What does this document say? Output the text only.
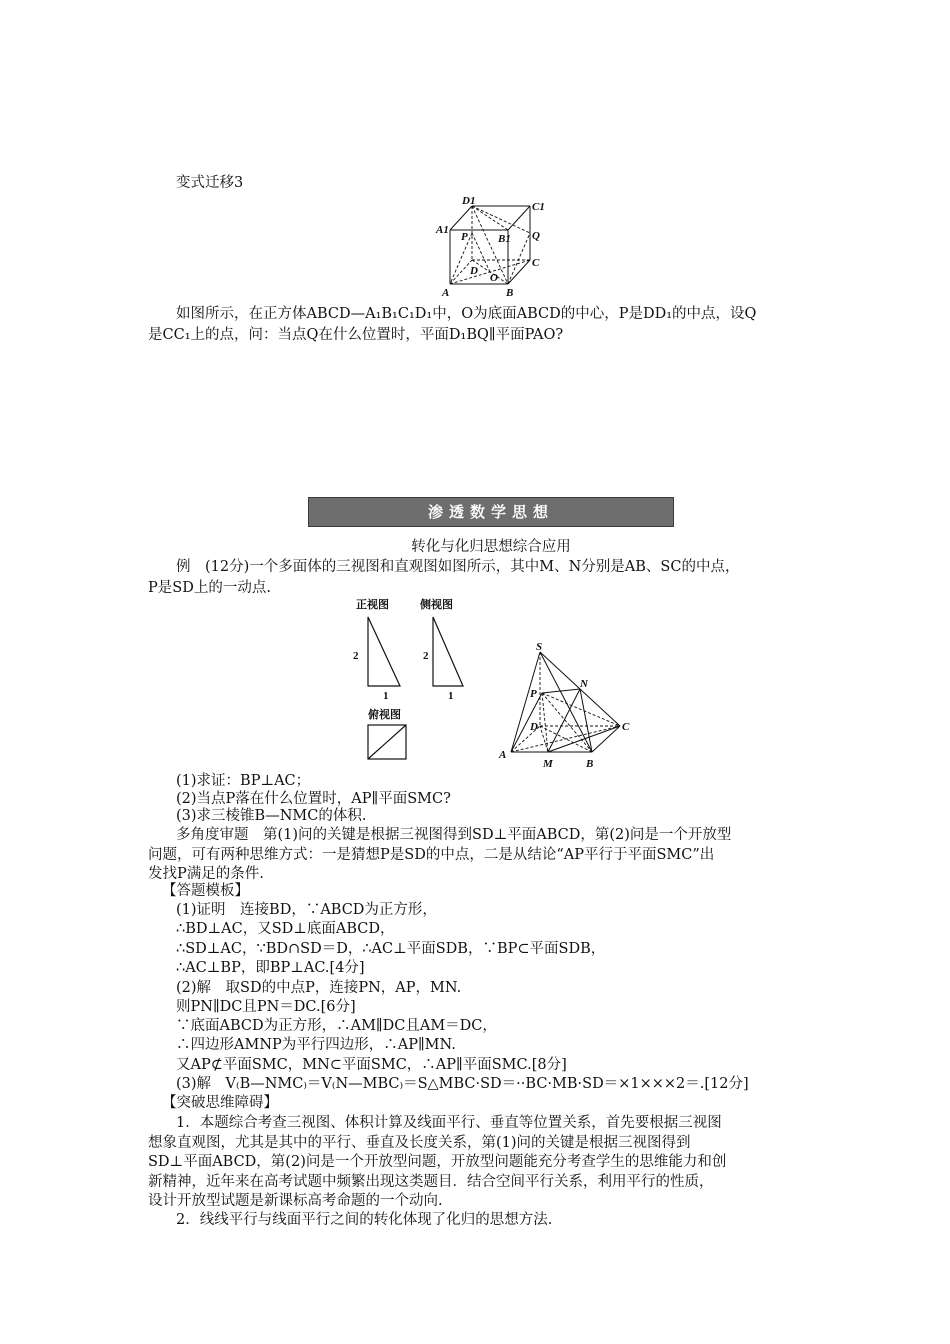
变式迁移3
D1	C1
A1
P	B1 Q
C
D
O
A	B
如图所示，在正方体ABCD—A₁B₁C₁D₁中，O为底面ABCD的中心，P是DD₁的中点，设Q
是CC₁上的点，问：当点Q在什么位置时，平面D₁BQ∥平面PAO?
渗透数学思想
转化与化归思想综合应用
例　(12分)一个多面体的三视图和直观图如图所示，其中M、N分别是AB、SC的中点，
P是SD上的一动点.
正视图	侧视图
2	2
1	1
俯视图
S
N
P
D	C
A
M	B
(1)求证：BP⊥AC；
(2)当点P落在什么位置时，AP∥平面SMC?
(3)求三棱锥B—NMC的体积.
多角度审题　第(1)问的关键是根据三视图得到SD⊥平面ABCD，第(2)问是一个开放型
问题，可有两种思维方式：一是猜想P是SD的中点，二是从结论“AP平行于平面SMC”出
发找P满足的条件.
【答题模板】
(1)证明　连接BD，∵ABCD为正方形，
∴BD⊥AC，又SD⊥底面ABCD，
∴SD⊥AC，∵BD∩SD＝D，∴AC⊥平面SDB，∵BP⊂平面SDB，
∴AC⊥BP，即BP⊥AC.[4分]
(2)解　取SD的中点P，连接PN，AP，MN.
则PN∥DC且PN＝DC.[6分]
∵底面ABCD为正方形，∴AM∥DC且AM＝DC，
∴四边形AMNP为平行四边形，∴AP∥MN.
又AP⊄平面SMC，MN⊂平面SMC，∴AP∥平面SMC.[8分]
(3)解　V₍B—NMC₎＝V₍N—MBC₎＝S△MBC·SD＝··BC·MB·SD＝×1×××2＝.[12分]
【突破思维障碍】
1．本题综合考查三视图、体积计算及线面平行、垂直等位置关系，首先要根据三视图
想象直观图，尤其是其中的平行、垂直及长度关系，第(1)问的关键是根据三视图得到
SD⊥平面ABCD，第(2)问是一个开放型问题，开放型问题能充分考查学生的思维能力和创
新精神，近年来在高考试题中频繁出现这类题目．结合空间平行关系，利用平行的性质，
设计开放型试题是新课标高考命题的一个动向.
2．线线平行与线面平行之间的转化体现了化归的思想方法.
